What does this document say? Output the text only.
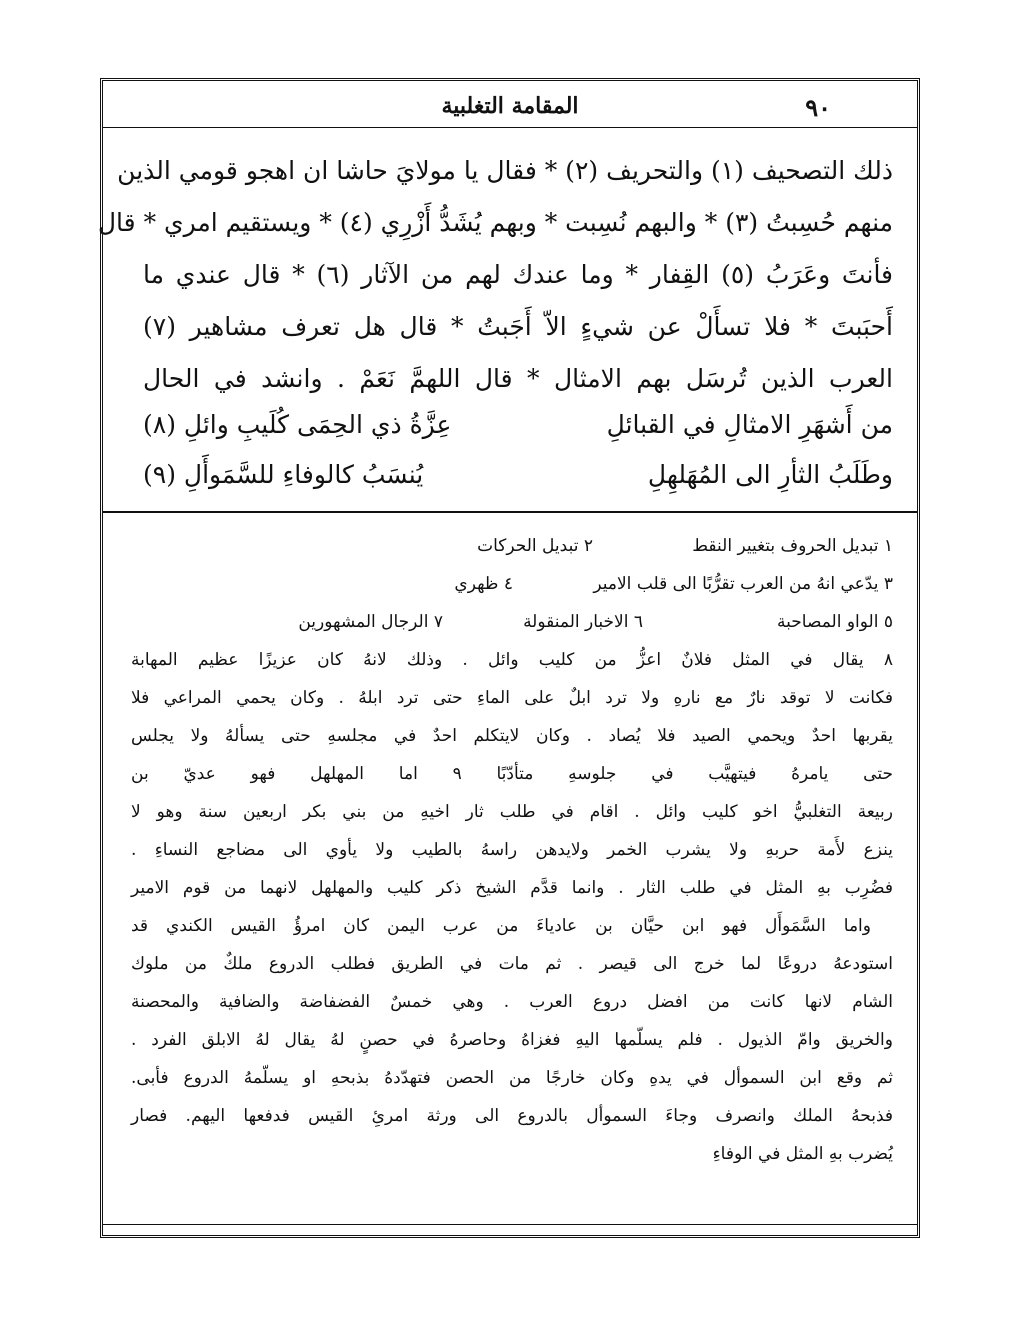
٩٠
المقامة التغلبية
ذلك التصحيف (١) والتحريف (٢) * فقال يا مولايَ حاشا ان اهجو قومي الذين
منهم حُسِبتُ (٣) * والبهم نُسِبت * وبهم يُشَدُّ أَزْرِي (٤) * ويستقيم امري * قال
فأنتَ وعَرَبُ (٥) القِفار * وما عندك لهم من الآثار (٦) * قال عندي ما
أَحبَبتَ * فلا تسأَلْ عن شيءٍ الاّ أَجَبتُ * قال هل تعرف مشاهير (٧)
العرب الذين تُرسَل بهم الامثال * قال اللهمَّ نَعَمْ . وانشد في الحال
من أَشهَرِ الامثالِ في القبائلِ
عِزَّةُ ذي الحِمَى كُلَيبِ وائلِ (٨)
وطَلَبُ الثأرِ الى المُهَلهِلِ
يُنسَبُ كالوفاءِ للسَّمَوأَلِ (٩)
١ تبديل الحروف بتغيير النقط
٢ تبديل الحركات
٣ يدّعي انهُ من العرب تقرُّبًا الى قلب الامير
٤ ظهري
٥ الواو المصاحبة
٦ الاخبار المنقولة
٧ الرجال المشهورين
٨ يقال في المثل فلانٌ اعزُّ من كليب وائل . وذلك لانهُ كان عزيزًا عظيم المهابة
فكانت لا توقد نارٌ مع نارهِ ولا ترد ابلٌ على الماءِ حتى ترد ابلهُ . وكان يحمي المراعي فلا
يقربها احدٌ ويحمي الصيد فلا يُصاد . وكان لايتكلم احدٌ في مجلسهِ حتى يسألهُ ولا يجلس
حتى يامرهُ فيتهيَّب في جلوسهِ متأدّبًا ٩ اما المهلهل فهو عديّ بن
ربيعة التغلبيُّ اخو كليب وائل . اقام في طلب ثار اخيهِ من بني بكر اربعين سنة وهو لا
ينزع لأَمة حربهِ ولا يشرب الخمر ولايدهن راسهُ بالطيب ولا يأوي الى مضاجع النساءِ .
فضُرِب بهِ المثل في طلب الثار . وانما قدَّم الشيخ ذكر كليب والمهلهل لانهما من قوم الامير
واما السَّمَوأَل فهو ابن حيَّان بن عادياءَ من عرب اليمن كان امرؤُ القيس الكندي قد
استودعهُ دروعًا لما خرج الى قيصر . ثم مات في الطريق فطلب الدروع ملكٌ من ملوك
الشام لانها كانت من افضل دروع العرب . وهي خمسٌ الفضفاضة والضافية والمحصنة
والخريق وامّ الذيول . فلم يسلّمها اليهِ فغزاهُ وحاصرهُ في حصنٍ لهُ يقال لهُ الابلق الفرد .
ثم وقع ابن السموأل في يدهِ وكان خارجًا من الحصن فتهدّدهُ بذبحهِ او يسلّمهُ الدروع فأبى.
فذبحهُ الملك وانصرف وجاءَ السموأل بالدروع الى ورثة امرئِ القيس فدفعها اليهم. فصار
يُضرب بهِ المثل في الوفاءِ
